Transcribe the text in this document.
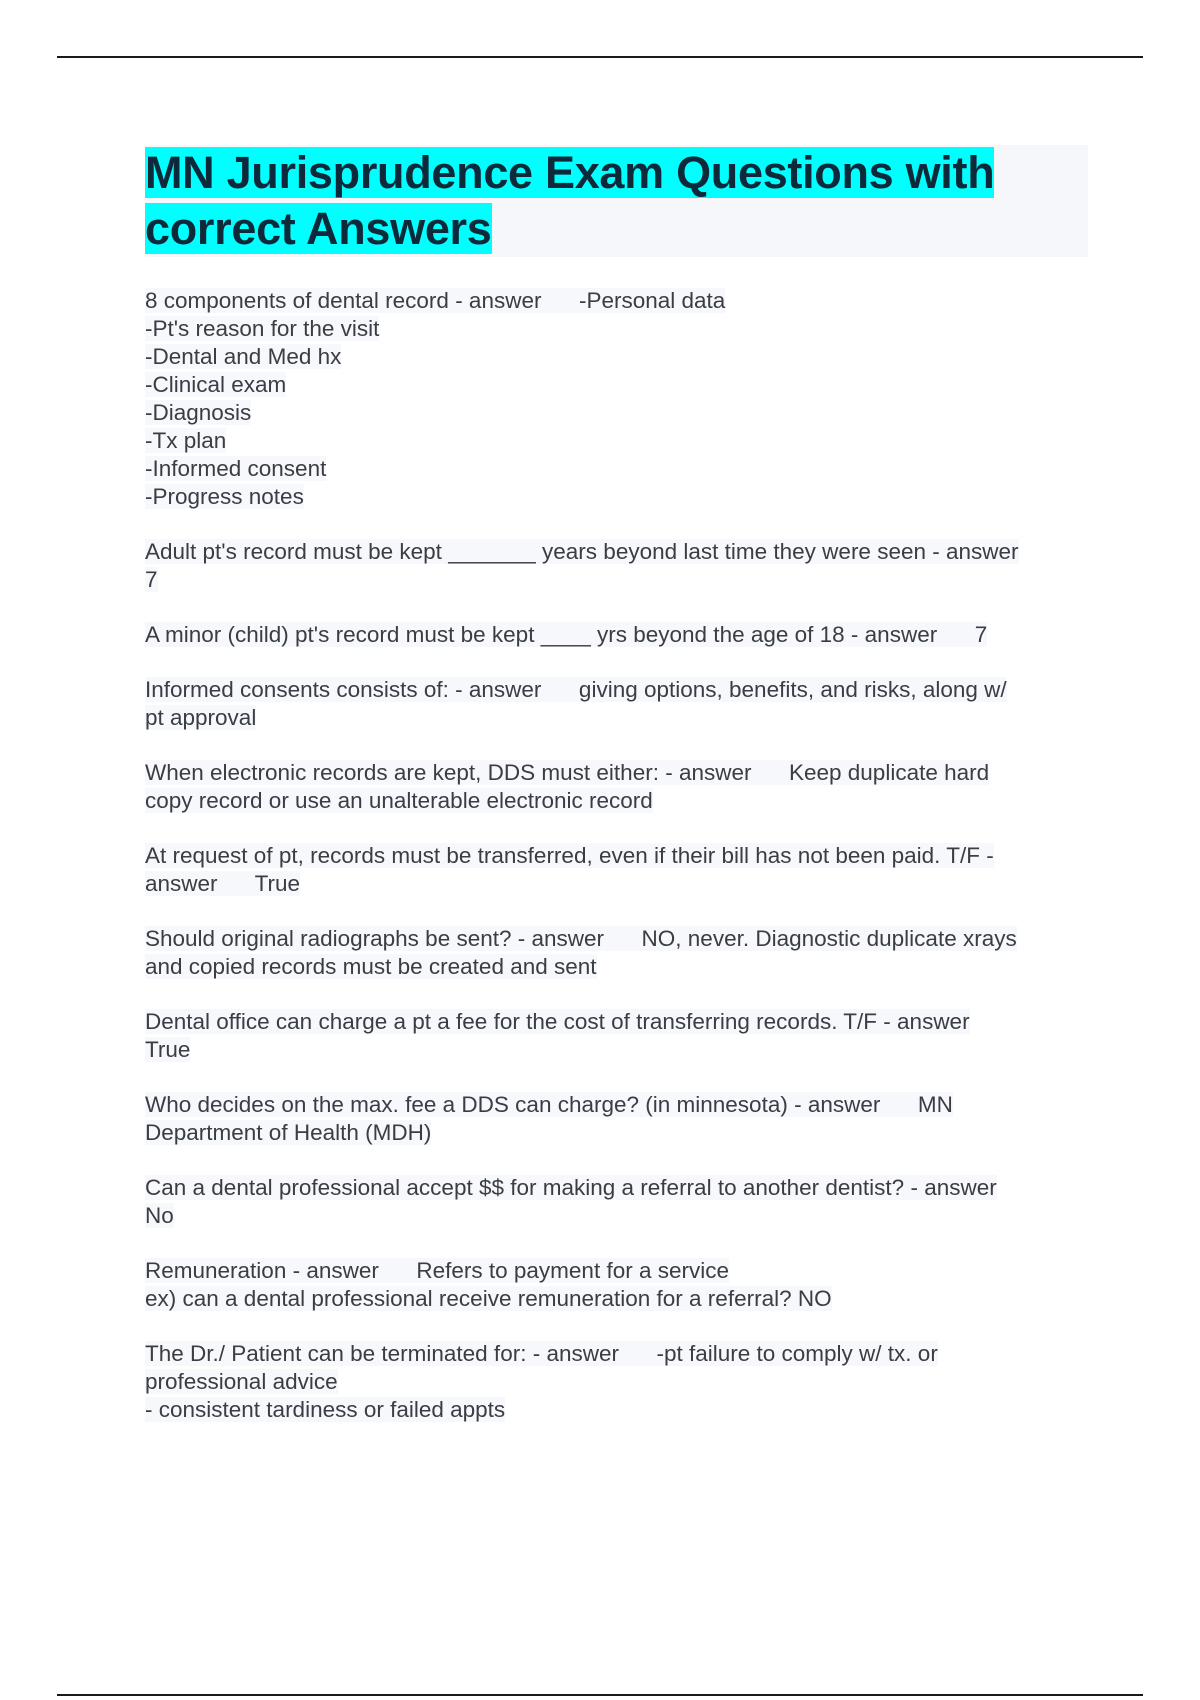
MN Jurisprudence Exam Questions with correct Answers

8 components of dental record - answer      -Personal data
-Pt's reason for the visit
-Dental and Med hx
-Clinical exam
-Diagnosis
-Tx plan
-Informed consent
-Progress notes

Adult pt's record must be kept _______ years beyond last time they were seen - answer
7

A minor (child) pt's record must be kept ____ yrs beyond the age of 18 - answer      7

Informed consents consists of: - answer      giving options, benefits, and risks, along w/
pt approval

When electronic records are kept, DDS must either: - answer      Keep duplicate hard
copy record or use an unalterable electronic record

At request of pt, records must be transferred, even if their bill has not been paid. T/F -
answer      True

Should original radiographs be sent? - answer      NO, never. Diagnostic duplicate xrays
and copied records must be created and sent

Dental office can charge a pt a fee for the cost of transferring records. T/F - answer
True

Who decides on the max. fee a DDS can charge? (in minnesota) - answer      MN
Department of Health (MDH)

Can a dental professional accept $$ for making a referral to another dentist? - answer
No

Remuneration - answer      Refers to payment for a service
ex) can a dental professional receive remuneration for a referral? NO

The Dr./ Patient can be terminated for: - answer      -pt failure to comply w/ tx. or
professional advice
- consistent tardiness or failed appts
